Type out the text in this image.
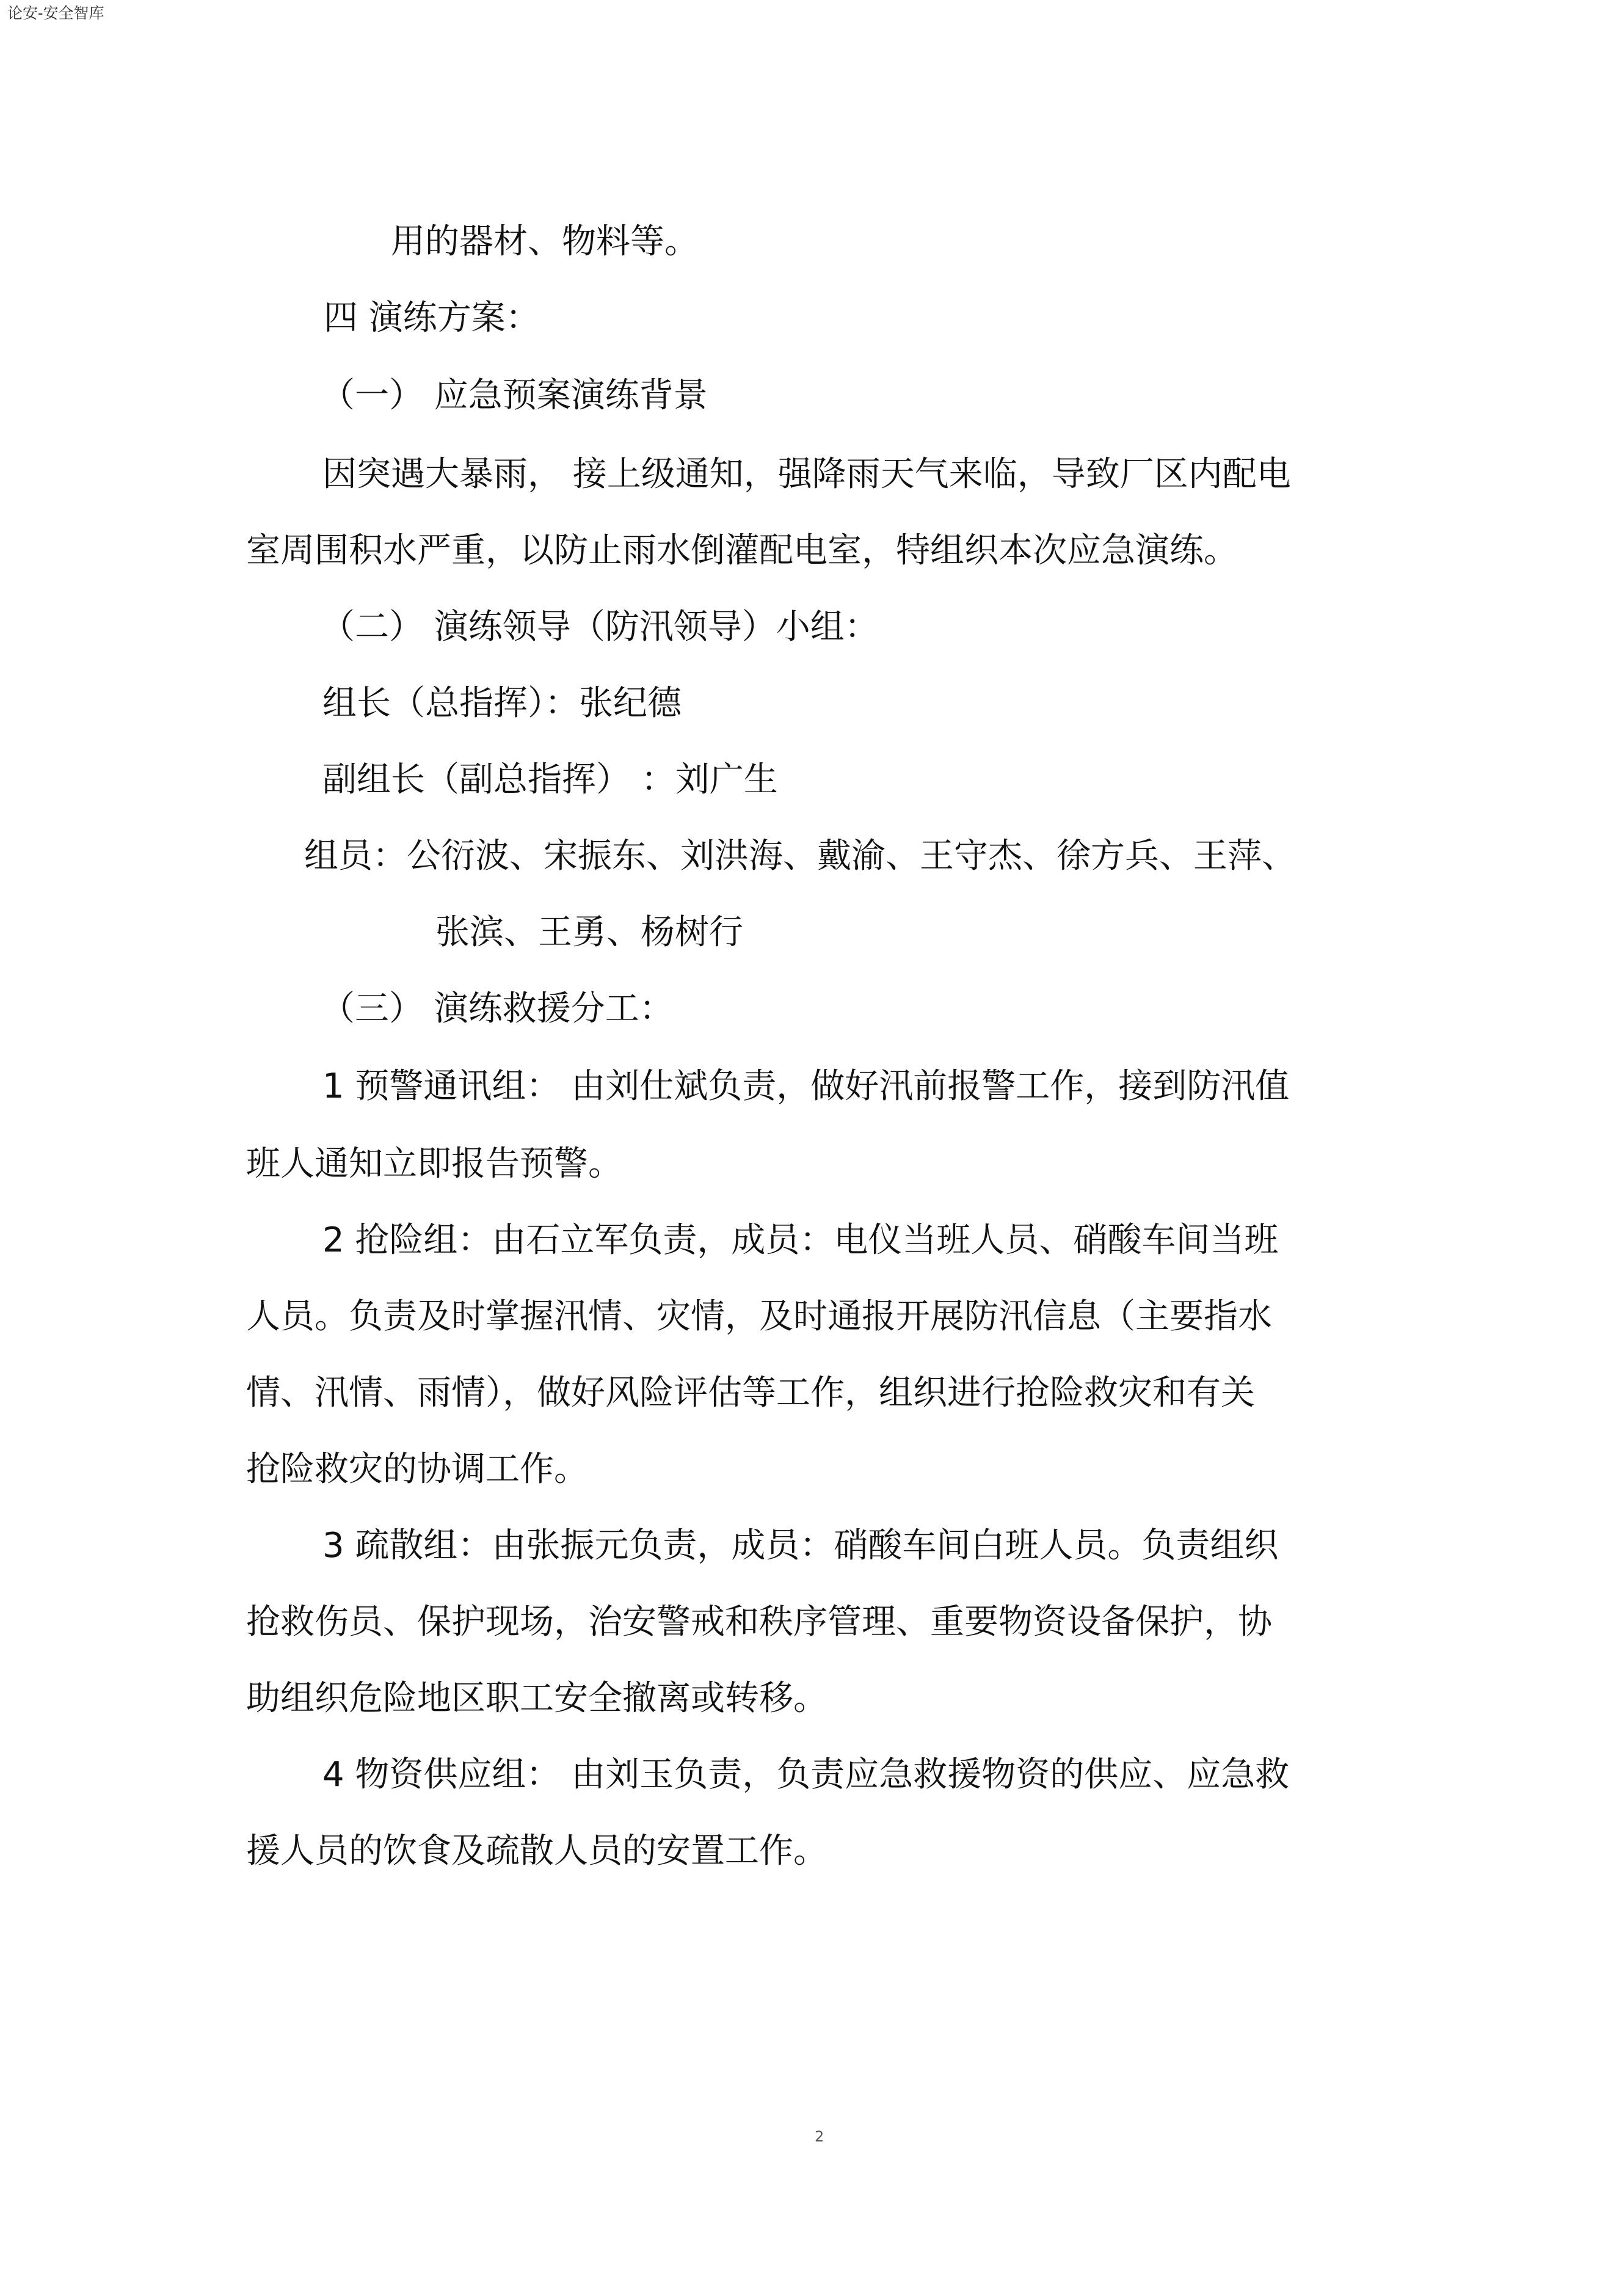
论安-安全智库
用的器材、物料等。
四 演练方案：
（一） 应急预案演练背景
因突遇大暴雨， 接上级通知，强降雨天气来临，导致厂区内配电
室周围积水严重，以防止雨水倒灌配电室，特组织本次应急演练。
（二） 演练领导（防汛领导）小组：
组长（总指挥）：张纪德
副组长（副总指挥） ：刘广生
组员：公衍波、宋振东、刘洪海、戴渝、王守杰、徐方兵、王萍、
张滨、王勇、杨树行
（三） 演练救援分工：
1 预警通讯组： 由刘仕斌负责，做好汛前报警工作，接到防汛值
班人通知立即报告预警。
2 抢险组：由石立军负责，成员：电仪当班人员、硝酸车间当班
人员。负责及时掌握汛情、灾情，及时通报开展防汛信息（主要指水
情、汛情、雨情），做好风险评估等工作，组织进行抢险救灾和有关
抢险救灾的协调工作。
3 疏散组：由张振元负责，成员：硝酸车间白班人员。负责组织
抢救伤员、保护现场，治安警戒和秩序管理、重要物资设备保护，协
助组织危险地区职工安全撤离或转移。
4 物资供应组： 由刘玉负责，负责应急救援物资的供应、应急救
援人员的饮食及疏散人员的安置工作。
2
